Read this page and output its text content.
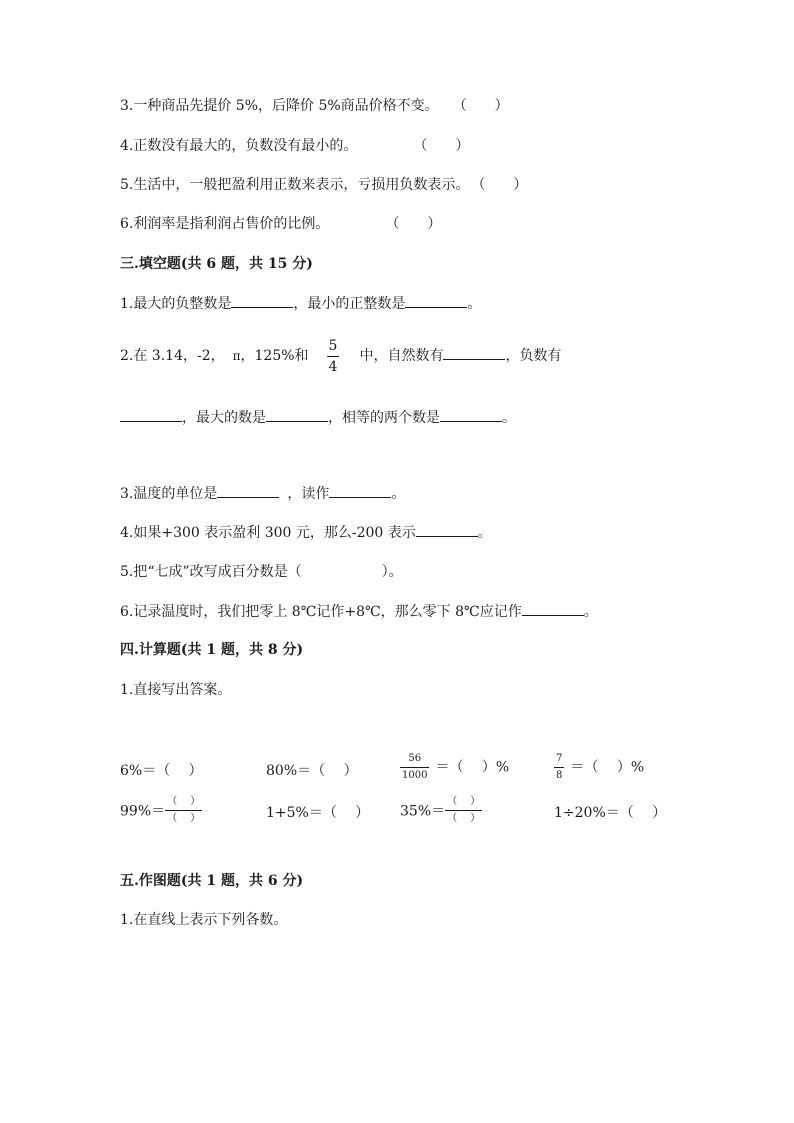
3.一种商品先提价 5%，后降价 5%商品价格不变。 （　　）
4.正数没有最大的，负数没有最小的。	（　　）
5.生活中，一般把盈利用正数来表示，亏损用负数表示。 （　　）
6.利润率是指利润占售价的比例。	（　　）
三.填空题(共 6 题，共 15 分)
1.最大的负整数是	，最小的正整数是	。
2.在 3.14，-2， π，125%和 $\frac{5}{4}$ 中，自然数有	，负数有
，最大的数是	，相等的两个数是	。
3.温度的单位是	，读作	。
4.如果+300 表示盈利 300 元，那么-200 表示	。
5.把“七成”改写成百分数是（	）。
6.记录温度时，我们把零上 8℃记作+8℃，那么零下 8℃应记作	。
四.计算题(共 1 题，共 8 分)
1.直接写出答案。
6%＝（　 ）	80%＝（　 ）	$\frac{56}{1000}$ ＝（　 ）%	$\frac{7}{8}$ ＝（　 ）%
$99\%= \frac{( )}{( )}$	1+5%＝（　 ） $35\%= \frac{( )}{( )}$	1÷20%＝（　 ）
五.作图题(共 1 题，共 6 分)
1.在直线上表示下列各数。
